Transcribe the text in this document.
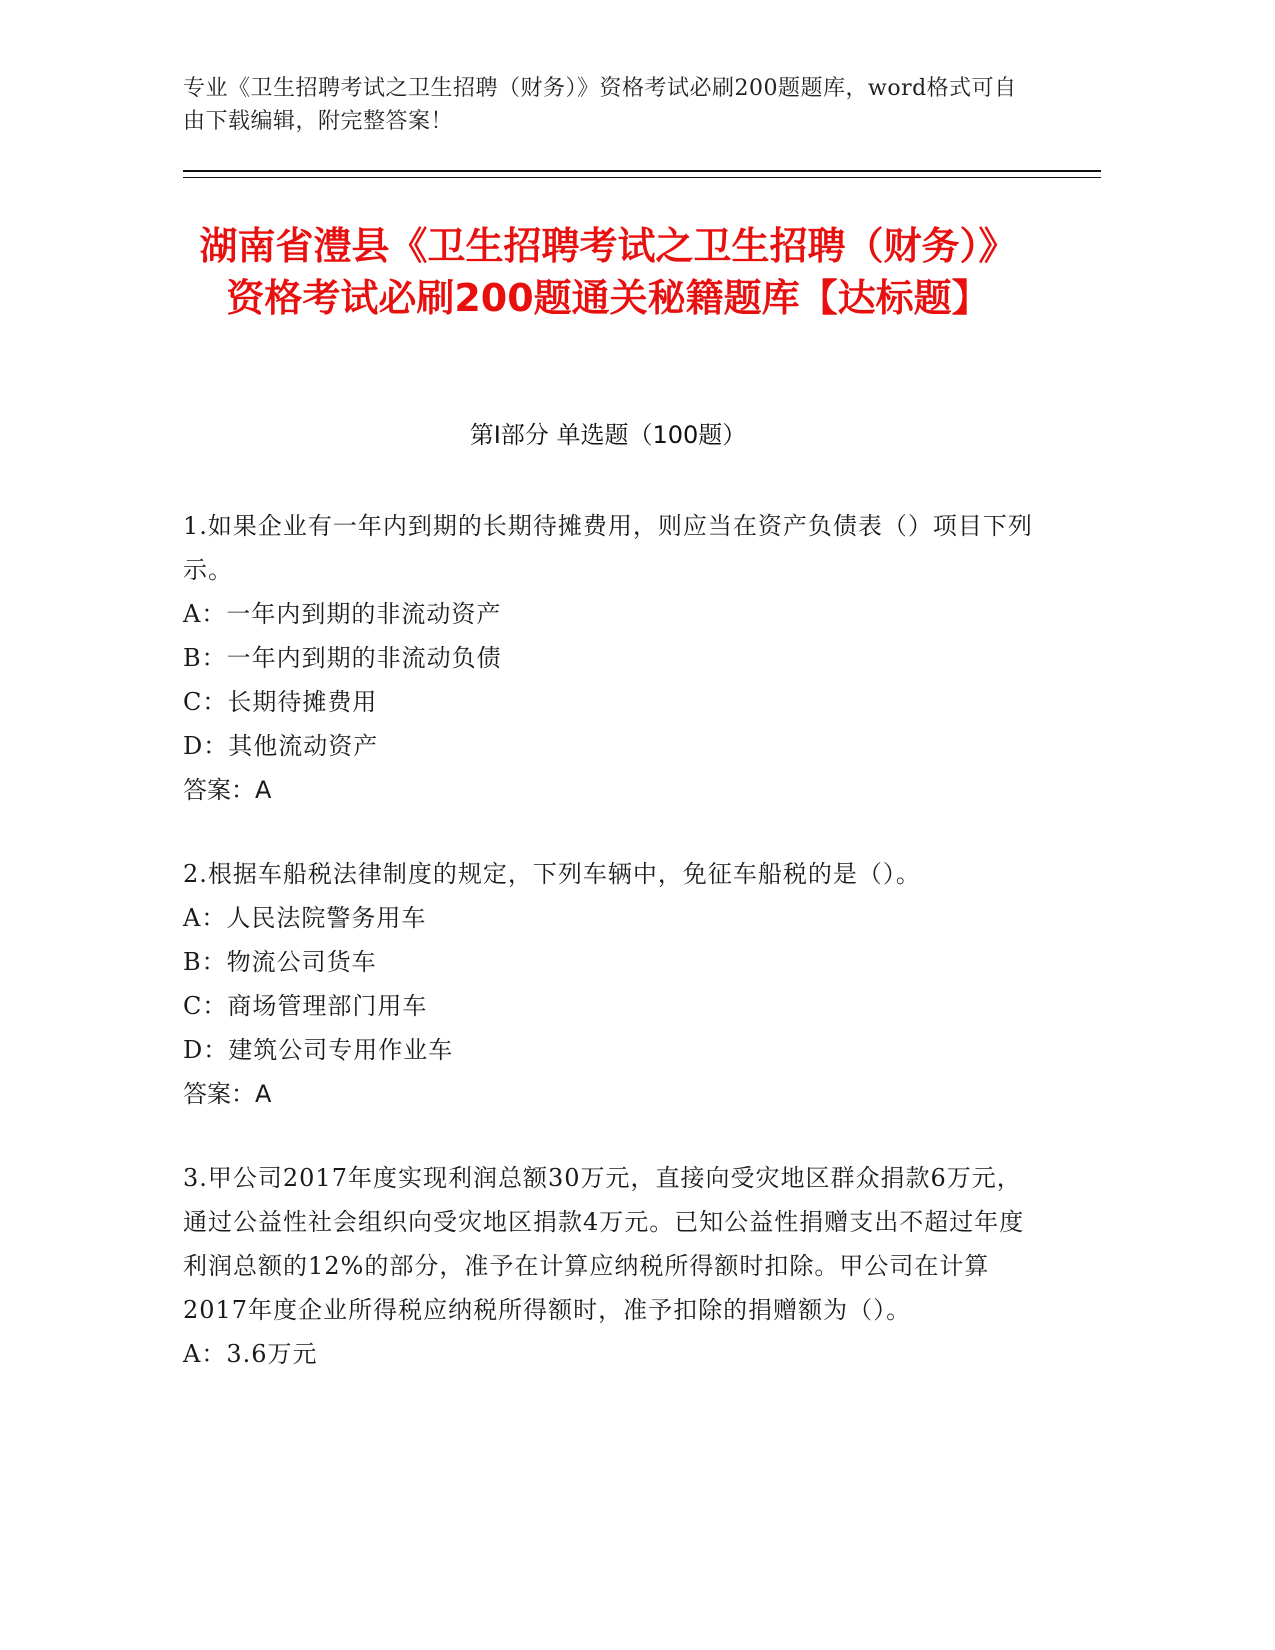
专业《卫生招聘考试之卫生招聘（财务）》资格考试必刷200题题库，word格式可自由下载编辑，附完整答案！
湖南省澧县《卫生招聘考试之卫生招聘（财务）》资格考试必刷200题通关秘籍题库【达标题】
第I部分 单选题（100题）

1.如果企业有一年内到期的长期待摊费用，则应当在资产负债表（）项目下列示。

A：一年内到期的非流动资产

B：一年内到期的非流动负债

C：长期待摊费用

D：其他流动资产

答案：A

2.根据车船税法律制度的规定，下列车辆中，免征车船税的是（）。

A：人民法院警务用车

B：物流公司货车

C：商场管理部门用车

D：建筑公司专用作业车

答案：A

3.甲公司2017年度实现利润总额30万元，直接向受灾地区群众捐款6万元，通过公益性社会组织向受灾地区捐款4万元。已知公益性捐赠支出不超过年度利润总额的12%的部分，准予在计算应纳税所得额时扣除。甲公司在计算2017年度企业所得税应纳税所得额时，准予扣除的捐赠额为（）。

A：3.6万元
